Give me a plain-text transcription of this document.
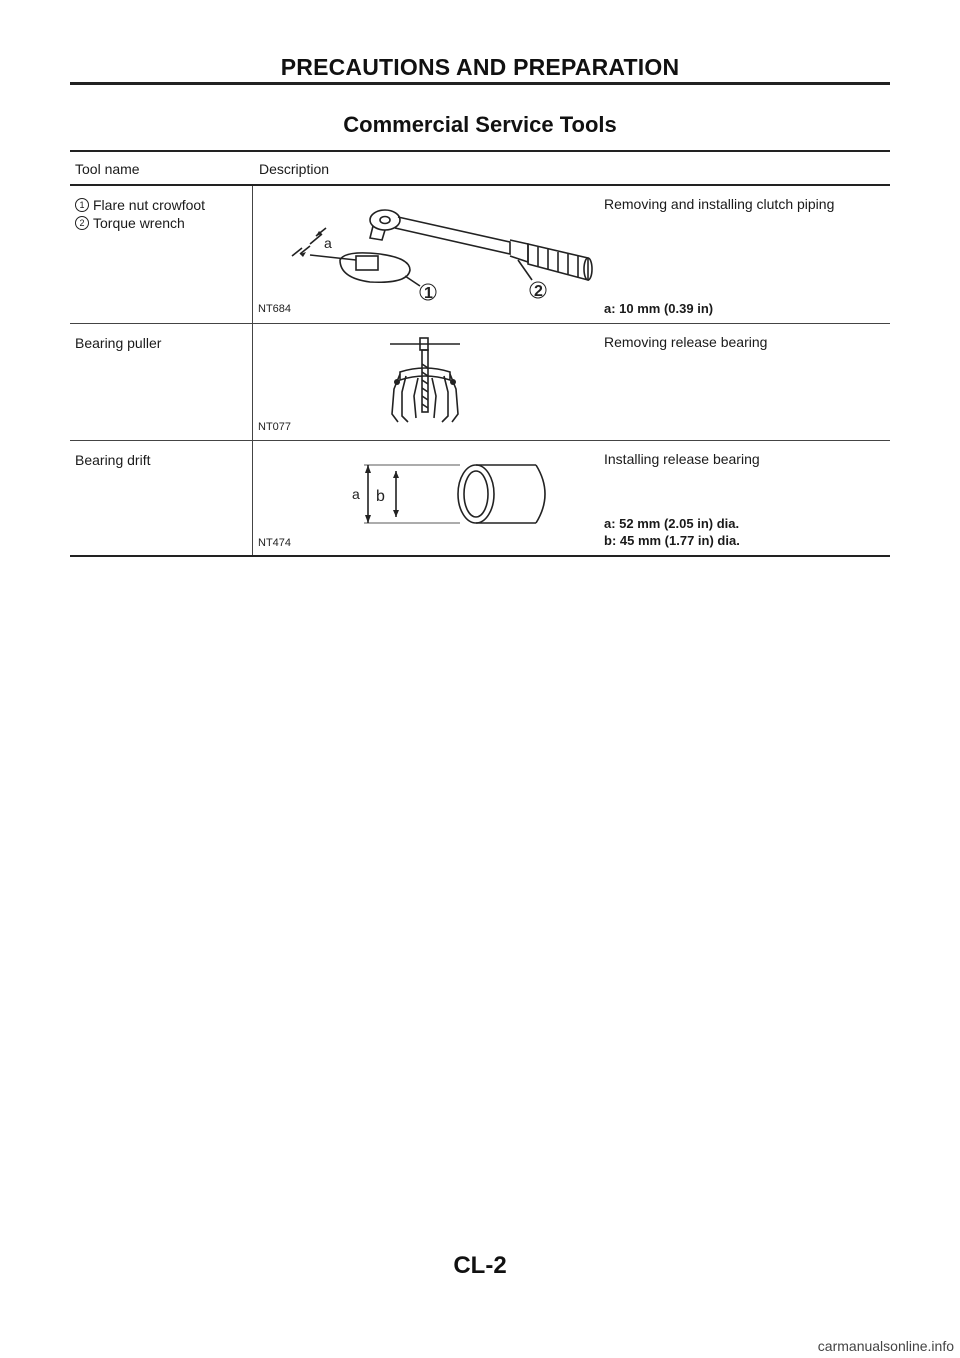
PRECAUTIONS AND PREPARATION
Commercial Service Tools
Tool name	Description
1 Flare nut crowfoot
2 Torque wrench
a
1	2
NT684
Removing and installing clutch piping
a: 10 mm (0.39 in)
Bearing puller
NT077
Removing release bearing
Bearing drift
a b
NT474
Installing release bearing
a: 52 mm (2.05 in) dia.
b: 45 mm (1.77 in) dia.
CL-2
carmanualsonline.info
